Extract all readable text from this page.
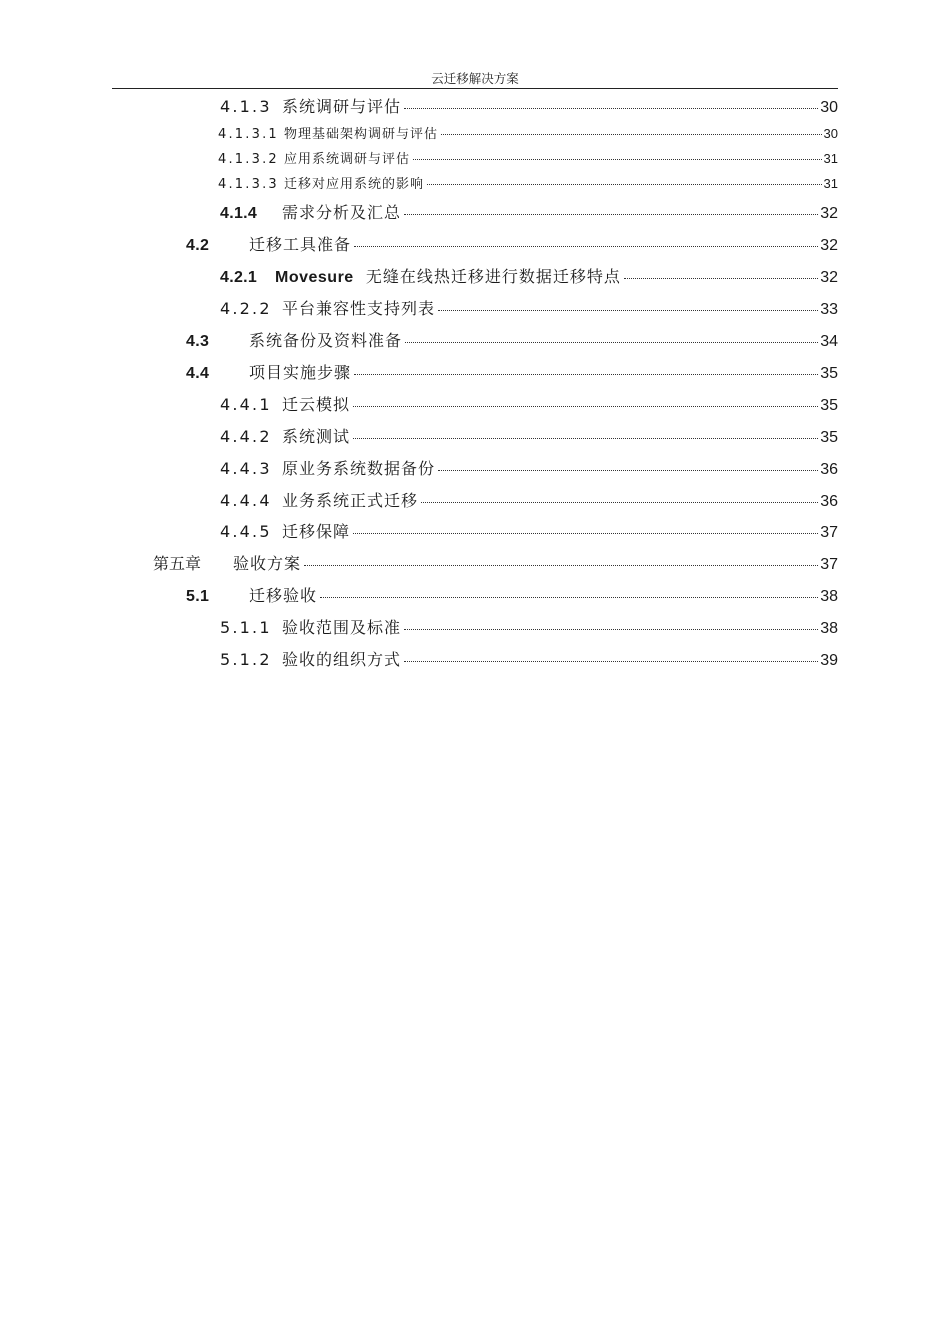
云迁移解决方案
4.1.3 系统调研与评估	30
4.1.3.1 物理基础架构调研与评估	30
4.1.3.2 应用系统调研与评估	31
4.1.3.3 迁移对应用系统的影响	31
4.1.4	需求分析及汇总	32
4.2	迁移工具准备	32
4.2.1	Movesure 无缝在线热迁移进行数据迁移特点	32
4.2.2 平台兼容性支持列表	33
4.3	系统备份及资料准备	34
4.4	项目实施步骤	35
4.4.1 迁云模拟	35
4.4.2 系统测试	35
4.4.3 原业务系统数据备份	36
4.4.4 业务系统正式迁移	36
4.4.5 迁移保障	37
第五章	验收方案	37
5.1	迁移验收	38
5.1.1 验收范围及标准	38
5.1.2 验收的组织方式	39
